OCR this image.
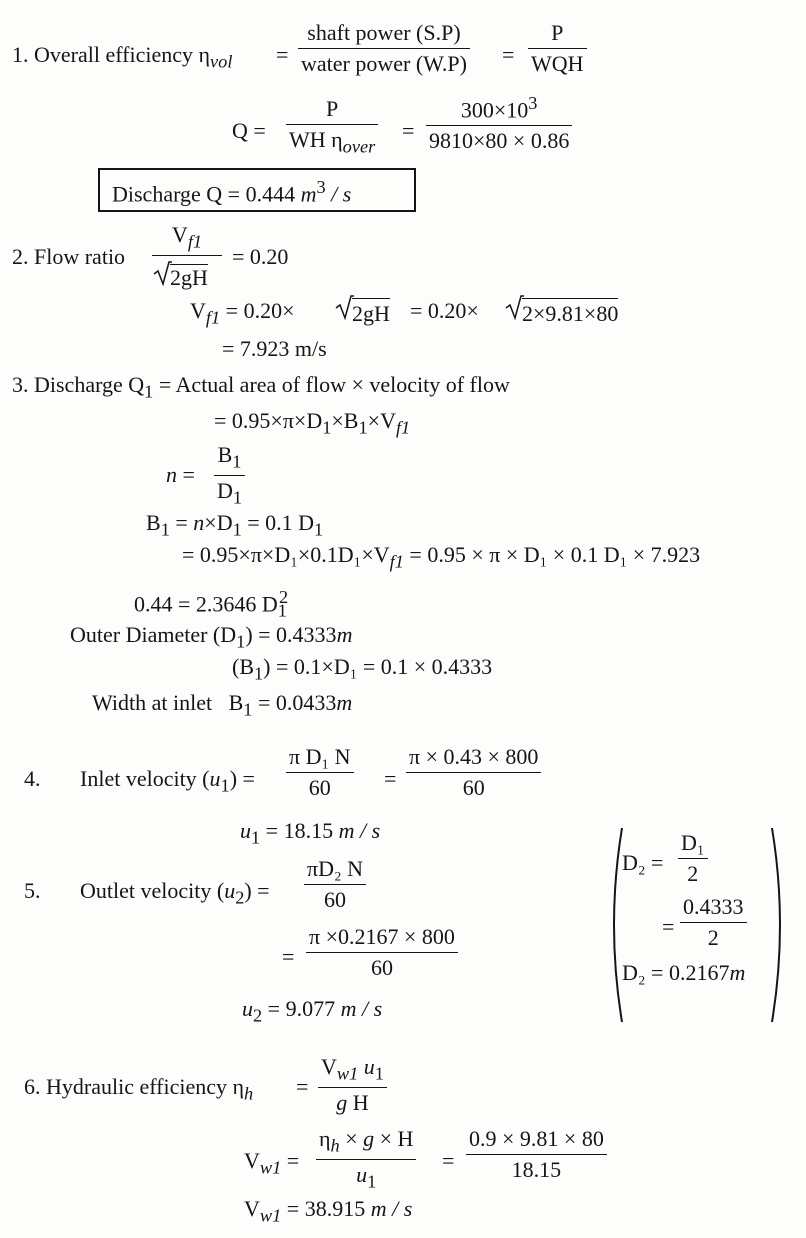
1. Overall efficiency $\eta_{vol}$ =
shaft power (S.P)
water power (W.P) =
P
WQH
Q =
P
WH $\eta_{over}$
= $\frac{300\times 10^3}{9810\times 80 \times 0.86}$
Discharge Q = 0.444 $m^3$ / s
2. Flow ratio $\frac{V_{f1}}{2gH} = 0.20$
$V_{f1} = 0.20\times$	2gH = 0.20× 2×9.81×80
= 7.923 m/s
3. Discharge $Q_1$ = Actual area of flow × velocity of flow
= $0.95\times\pi\times D_1\times B_1\times V_{f1}$
$n = \frac{B_1}{D_1}$
$B_1 = n\times D_1 = 0.1$ $D_1$
= $0.95\times\pi\times D_1\times 0.1D_1\times V_{f1} = 0.95 \times \pi \times D_1 \times 0.1$ D₁ × 7.923
0.44 = 2.3646 $D_1^2$
Outer Diameter $(D_1) = 0.4333m$
$(B_1) = 0.1\times D_1 = 0.1 \times 0.4333$
Width at inlet $B_1 = 0.0433m$
4. Inlet velocity $(u_1) = \frac{\text{π D₁ N}}{60} = \frac{\pi \times 0.43 \times 800}{60}$
$u_1 = 18.15$ m / s
5. Outlet velocity $(u_2) = \frac{\text{πD₂ N}}{60}$
= $\frac{\pi \times 0.2167 \times 800}{60}$
$u_2 = 9.077$ m / s
$D_2 = \frac{\text{D₁}}{2}$
= $\frac{0.4333}{2}$
D₂ = 0.2167m
6. Hydraulic efficiency $\eta_h = \frac{V_{w1} u_1}{\text{g H}}$
$V_{w1} = \frac{\eta_h \times g \times H}{u_1} = \frac{0.9 \times 9.81 \times 80}{18.15}$
$V_{w1} = 38.915$ m / s
